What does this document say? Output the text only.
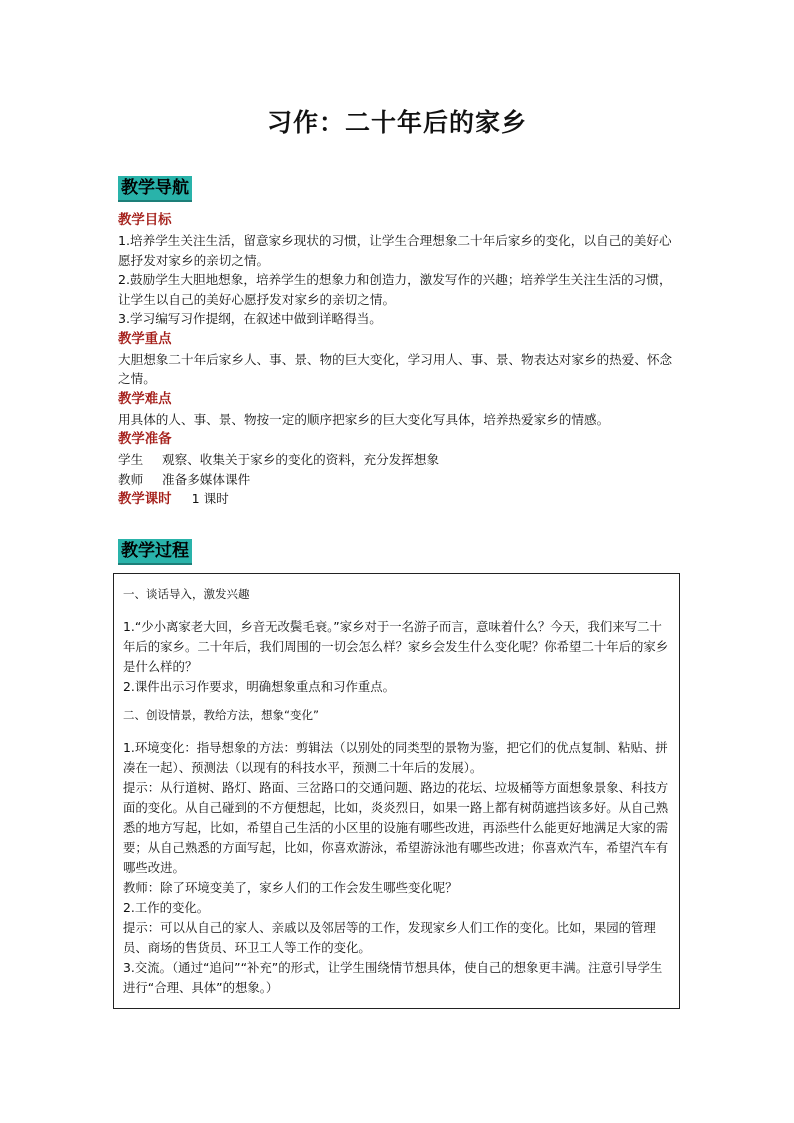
习作：二十年后的家乡
教学导航
教学目标

1.培养学生关注生活，留意家乡现状的习惯，让学生合理想象二十年后家乡的变化，以自己的美好心愿抒发对家乡的亲切之情。

2.鼓励学生大胆地想象，培养学生的想象力和创造力，激发写作的兴趣；培养学生关注生活的习惯，让学生以自己的美好心愿抒发对家乡的亲切之情。

3.学习编写习作提纲，在叙述中做到详略得当。

教学重点

大胆想象二十年后家乡人、事、景、物的巨大变化，学习用人、事、景、物表达对家乡的热爱、怀念之情。

教学难点

用具体的人、事、景、物按一定的顺序把家乡的巨大变化写具体，培养热爱家乡的情感。

教学准备
学生	观察、收集关于家乡的变化的资料，充分发挥想象
教师	准备多媒体课件
教学课时 1 课时
教学过程
一、谈话导入，激发兴趣

1.“少小离家老大回，乡音无改鬓毛衰。”家乡对于一名游子而言，意味着什么？今天，我们来写二十年后的家乡。二十年后，我们周围的一切会怎么样？家乡会发生什么变化呢？你希望二十年后的家乡是什么样的？

2.课件出示习作要求，明确想象重点和习作重点。

二、创设情景，教给方法，想象“变化”

1.环境变化：指导想象的方法：剪辑法（以别处的同类型的景物为鉴，把它们的优点复制、粘贴、拼凑在一起）、预测法（以现有的科技水平，预测二十年后的发展）。

提示：从行道树、路灯、路面、三岔路口的交通问题、路边的花坛、垃圾桶等方面想象景象、科技方面的变化。从自己碰到的不方便想起，比如，炎炎烈日，如果一路上都有树荫遮挡该多好。从自己熟悉的地方写起，比如，希望自己生活的小区里的设施有哪些改进，再添些什么能更好地满足大家的需要；从自己熟悉的方面写起，比如，你喜欢游泳，希望游泳池有哪些改进；你喜欢汽车，希望汽车有哪些改进。

教师：除了环境变美了，家乡人们的工作会发生哪些变化呢？

2.工作的变化。

提示：可以从自己的家人、亲戚以及邻居等的工作，发现家乡人们工作的变化。比如，果园的管理员、商场的售货员、环卫工人等工作的变化。

3.交流。（通过“追问”“补充”的形式，让学生围绕情节想具体，使自己的想象更丰满。注意引导学生进行“合理、具体”的想象。）
